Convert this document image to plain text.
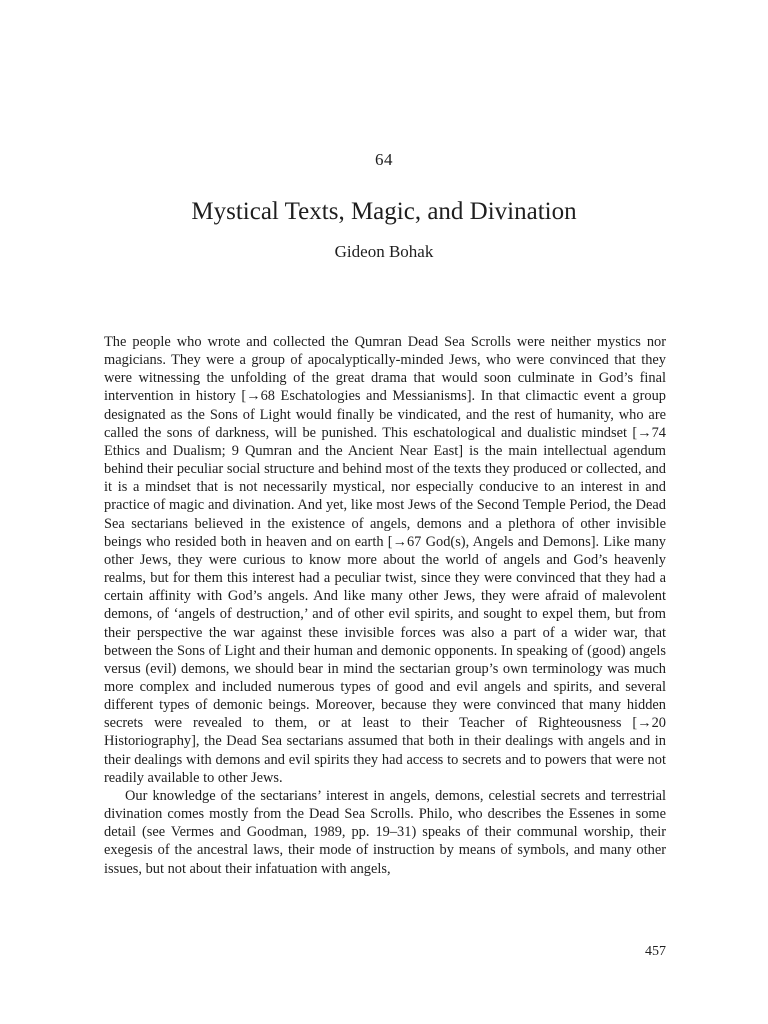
64
Mystical Texts, Magic, and Divination
Gideon Bohak

The people who wrote and collected the Qumran Dead Sea Scrolls were neither mystics nor magicians. They were a group of apocalyptically-minded Jews, who were convinced that they were witnessing the unfolding of the great drama that would soon culminate in God’s final intervention in history [→68 Eschatologies and Messianisms]. In that climactic event a group designated as the Sons of Light would finally be vindicated, and the rest of humanity, who are called the sons of darkness, will be punished. This eschatological and dualistic mindset [→74 Ethics and Dualism; 9 Qumran and the Ancient Near East] is the main intellectual agendum behind their peculiar social structure and behind most of the texts they produced or collected, and it is a mindset that is not necessarily mystical, nor especially conducive to an interest in and practice of magic and divination. And yet, like most Jews of the Second Temple Period, the Dead Sea sectarians believed in the existence of angels, demons and a plethora of other invisible beings who resided both in heaven and on earth [→67 God(s), Angels and Demons]. Like many other Jews, they were curious to know more about the world of angels and God’s heavenly realms, but for them this interest had a peculiar twist, since they were convinced that they had a certain affinity with God’s angels. And like many other Jews, they were afraid of malevolent demons, of ‘angels of destruction,’ and of other evil spirits, and sought to expel them, but from their perspective the war against these invisible forces was also a part of a wider war, that between the Sons of Light and their human and demonic opponents. In speaking of (good) angels versus (evil) demons, we should bear in mind the sectarian group’s own terminology was much more complex and included numerous types of good and evil angels and spirits, and several different types of demonic beings. Moreover, because they were convinced that many hidden secrets were revealed to them, or at least to their Teacher of Righteousness [→20 Historiography], the Dead Sea sectarians assumed that both in their dealings with angels and in their dealings with demons and evil spirits they had access to secrets and to powers that were not readily available to other Jews.

Our knowledge of the sectarians’ interest in angels, demons, celestial secrets and terrestrial divination comes mostly from the Dead Sea Scrolls. Philo, who describes the Essenes in some detail (see Vermes and Goodman, 1989, pp. 19–31) speaks of their communal worship, their exegesis of the ancestral laws, their mode of instruction by means of symbols, and many other issues, but not about their infatuation with angels,

457
